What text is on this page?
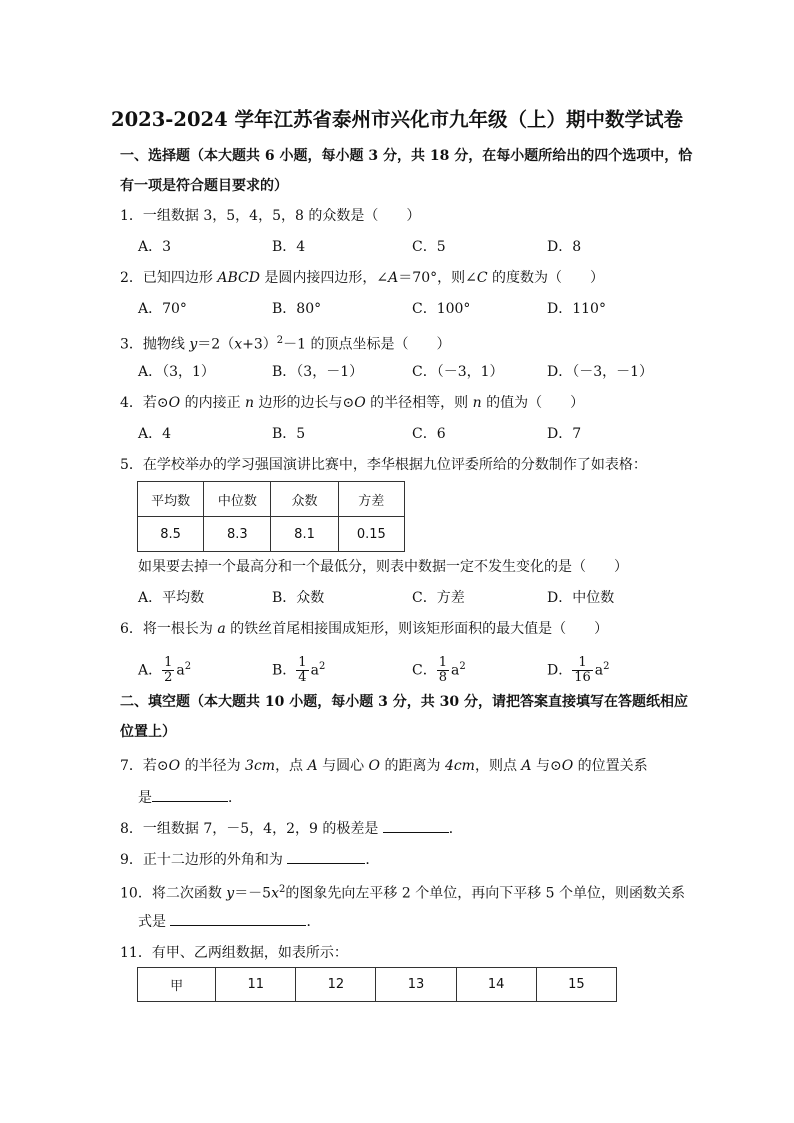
2023-2024 学年江苏省泰州市兴化市九年级（上）期中数学试卷
一、选择题（本大题共 6 小题，每小题 3 分，共 18 分，在每小题所给出的四个选项中，恰
有一项是符合题目要求的）
1．一组数据 3，5，4，5，8 的众数是（　　）
A．3	B．4	C．5	D．8
2．已知四边形 ABCD 是圆内接四边形，∠A＝70°，则∠C 的度数为（　　）
A．70°	B．80°	C．100°	D．110°
3．抛物线 $y=2(x+3)^2-1$ 的顶点坐标是（　　）
A．（3，1）	B．（3，－1）	C．（－3，1）	D．（－3，－1）
4．若⊙O 的内接正 n 边形的边长与⊙O 的半径相等，则 n 的值为（　　）
A．4	B．5	C．6	D．7
5．在学校举办的学习强国演讲比赛中，李华根据九位评委所给的分数制作了如表格：
平均数	中位数	众数	方差
8.5	8.3	8.1	0.15
如果要去掉一个最高分和一个最低分，则表中数据一定不发生变化的是（　　）
A．平均数	B．众数	C．方差	D．中位数
6．将一根长为 a 的铁丝首尾相接围成矩形，则该矩形面积的最大值是（　　）
A． $\frac{1}{2} a^2$	B． $\frac{1}{4} a^2$	C． $\frac{1}{8} a^2$	D． $\frac{1}{16} a^2$
二、填空题（本大题共 10 小题，每小题 3 分，共 30 分，请把答案直接填写在答题纸相应
位置上）
7．若⊙O 的半径为 3cm，点 A 与圆心 O 的距离为 4cm，则点 A 与⊙O 的位置关系
是	．
8．一组数据 7，－5，4，2，9 的极差是	．
9．正十二边形的外角和为	．
10．将二次函数 $y=-5x^2$的图象先向左平移 2 个单位，再向下平移 5 个单位，则函数关系
式是	．
11．有甲、乙两组数据，如表所示：
甲	11	12	13	14	15
